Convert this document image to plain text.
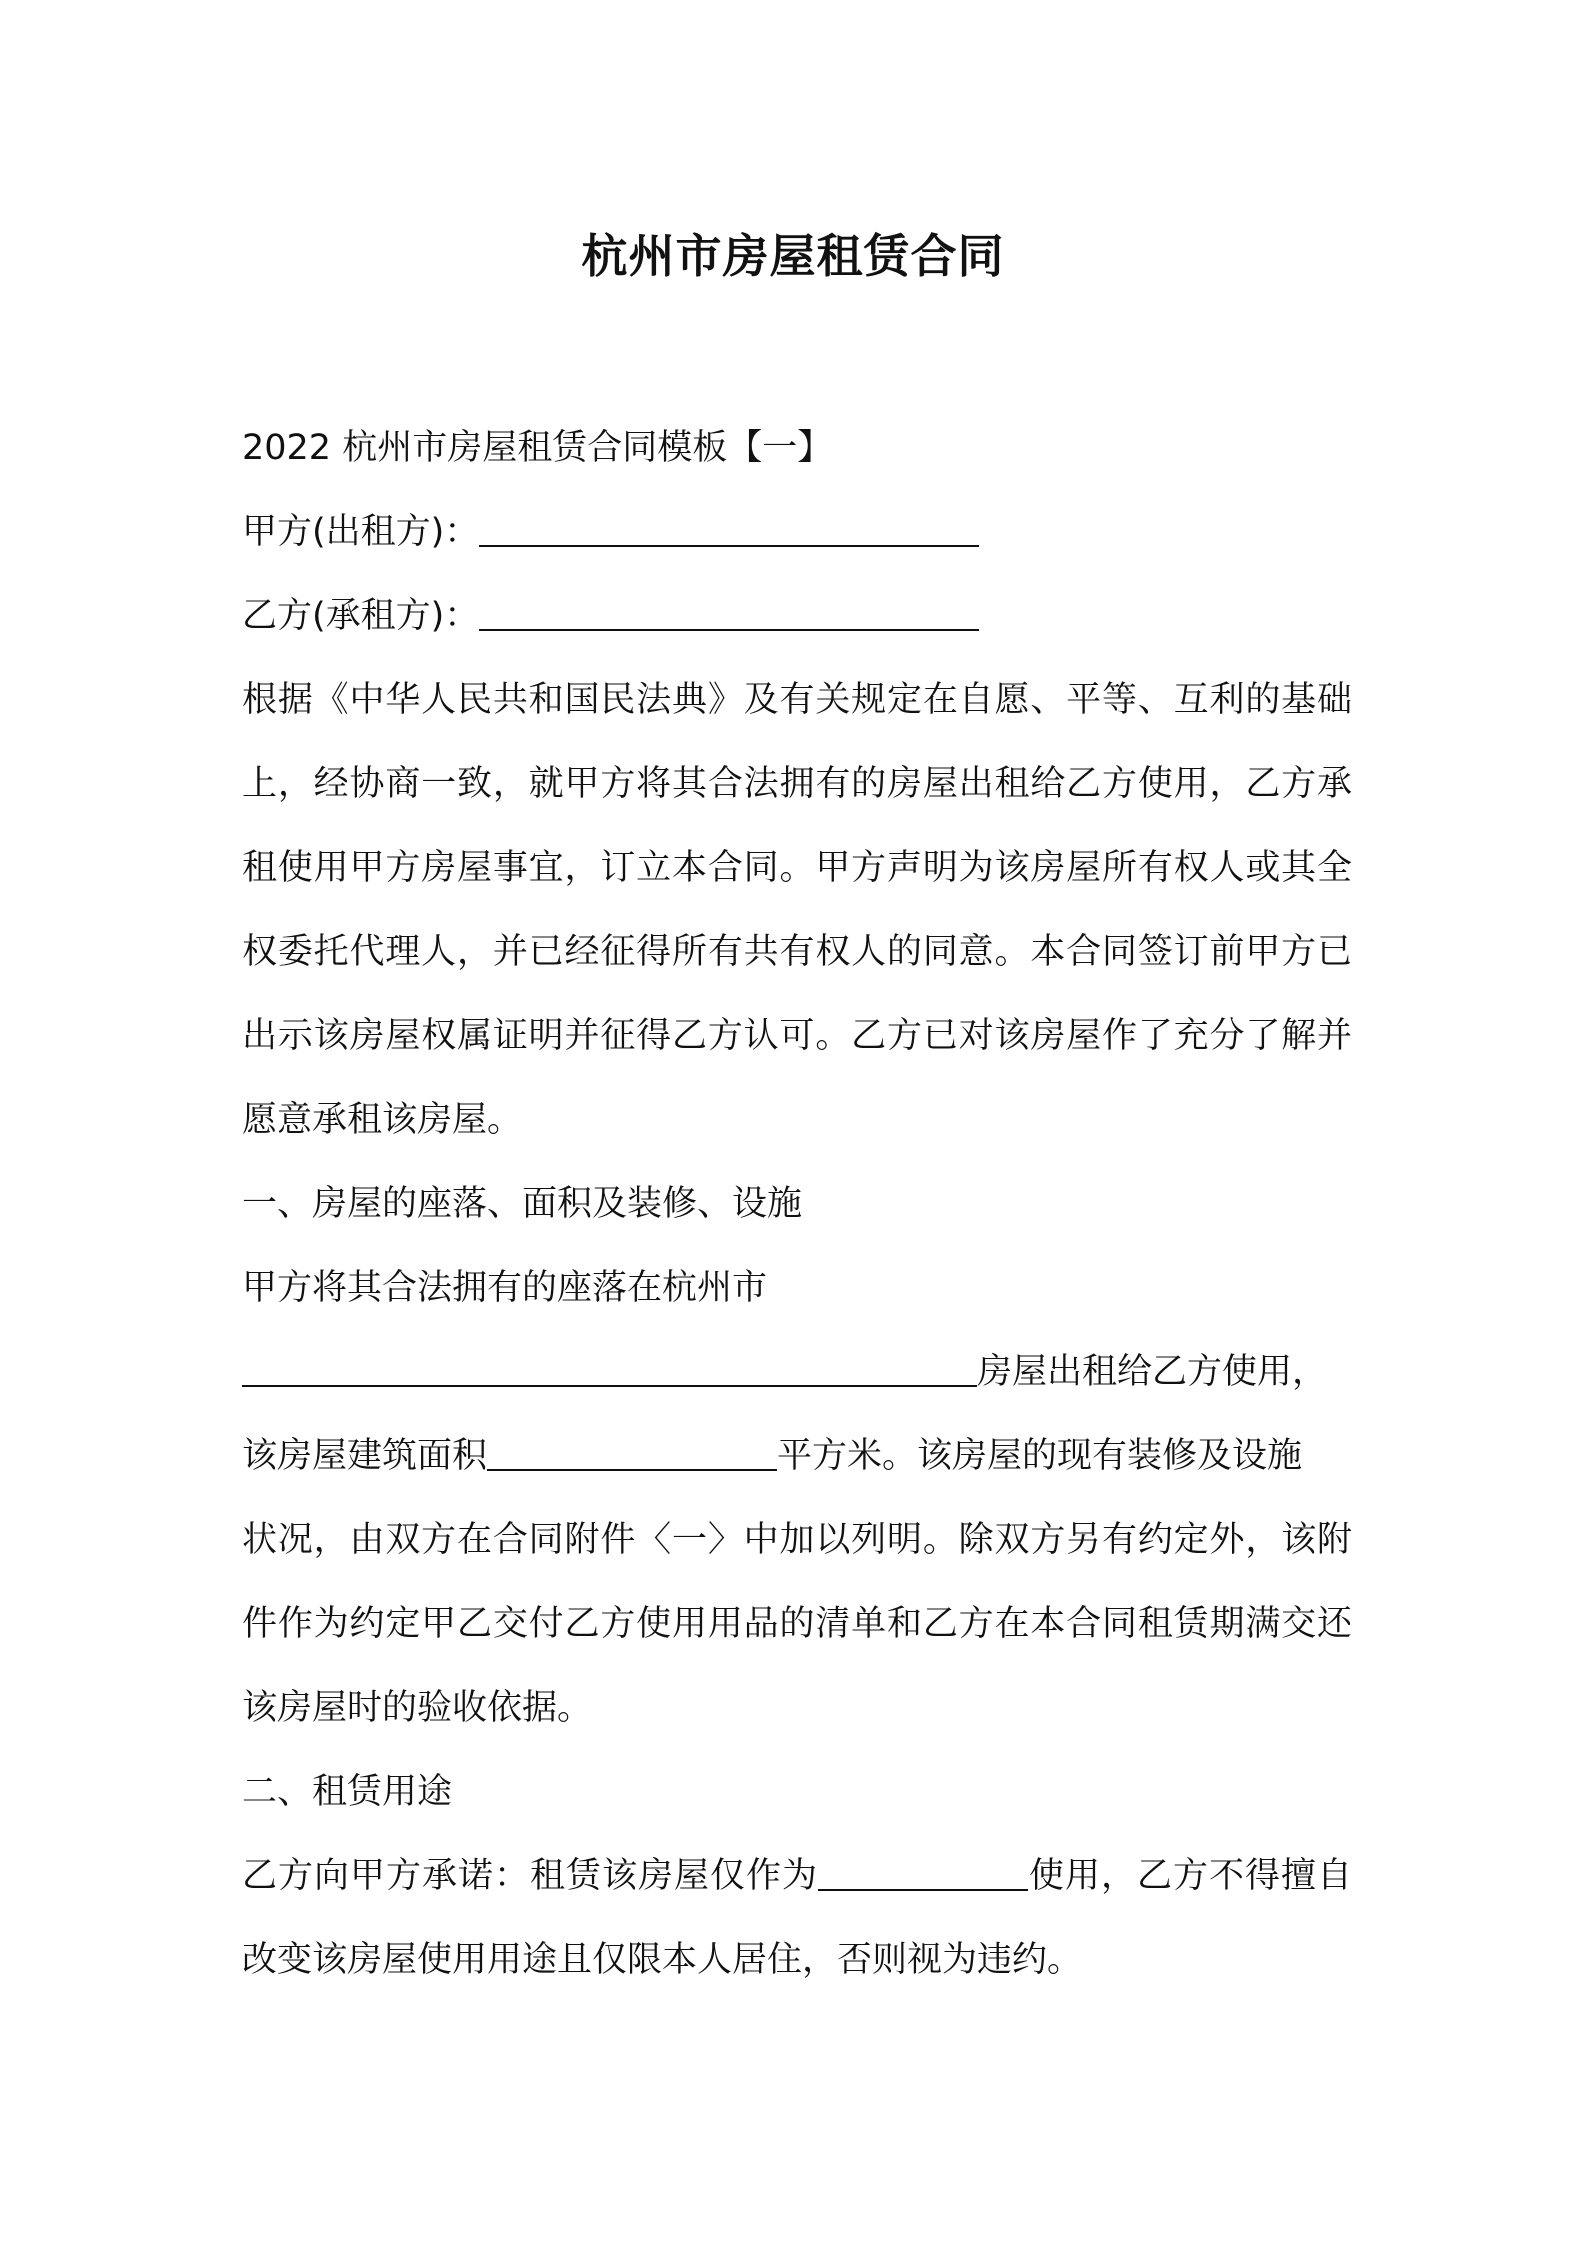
杭州市房屋租赁合同
2022 杭州市房屋租赁合同模板【一】
甲方(出租方)：
乙方(承租方)：
根据《中华人民共和国民法典》及有关规定在自愿、平等、互利的基础上，经协商一致，就甲方将其合法拥有的房屋出租给乙方使用，乙方承租使用甲方房屋事宜，订立本合同。甲方声明为该房屋所有权人或其全权委托代理人，并已经征得所有共有权人的同意。本合同签订前甲方已出示该房屋权属证明并征得乙方认可。乙方已对该房屋作了充分了解并愿意承租该房屋。
一、房屋的座落、面积及装修、设施
甲方将其合法拥有的座落在杭州市
房屋出租给乙方使用，
该房屋建筑面积	平方米。该房屋的现有装修及设施
状况，由双方在合同附件〈一〉中加以列明。除双方另有约定外，该附件作为约定甲乙交付乙方使用用品的清单和乙方在本合同租赁期满交还该房屋时的验收依据。
二、租赁用途
乙方向甲方承诺：租赁该房屋仅作为	使用，乙方不得擅自改变该房屋使用用途且仅限本人居住，否则视为违约。
